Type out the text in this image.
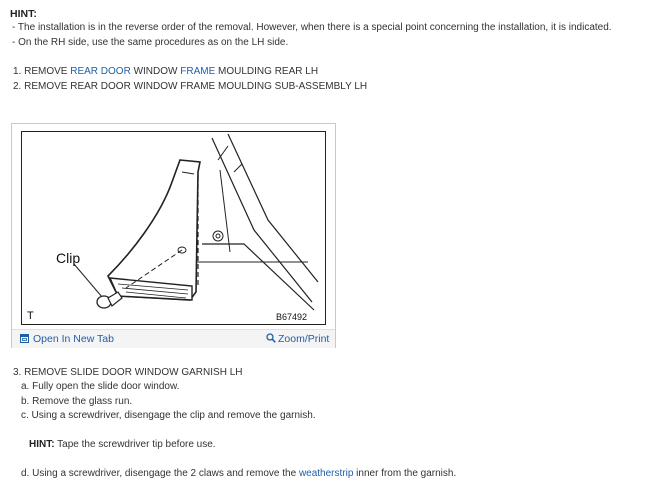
HINT:
- The installation is in the reverse order of the removal. However, when there is a special point concerning the installation, it is indicated.
- On the RH side, use the same procedures as on the LH side.
1. REMOVE REAR DOOR WINDOW FRAME MOULDING REAR LH
2. REMOVE REAR DOOR WINDOW FRAME MOULDING SUB-ASSEMBLY LH
Clip
T	B67492
Open In New Tab	Zoom/Print
3. REMOVE SLIDE DOOR WINDOW GARNISH LH
a. Fully open the slide door window.
b. Remove the glass run.
c. Using a screwdriver, disengage the clip and remove the garnish.
HINT: Tape the screwdriver tip before use.
d. Using a screwdriver, disengage the 2 claws and remove the weatherstrip inner from the garnish.
